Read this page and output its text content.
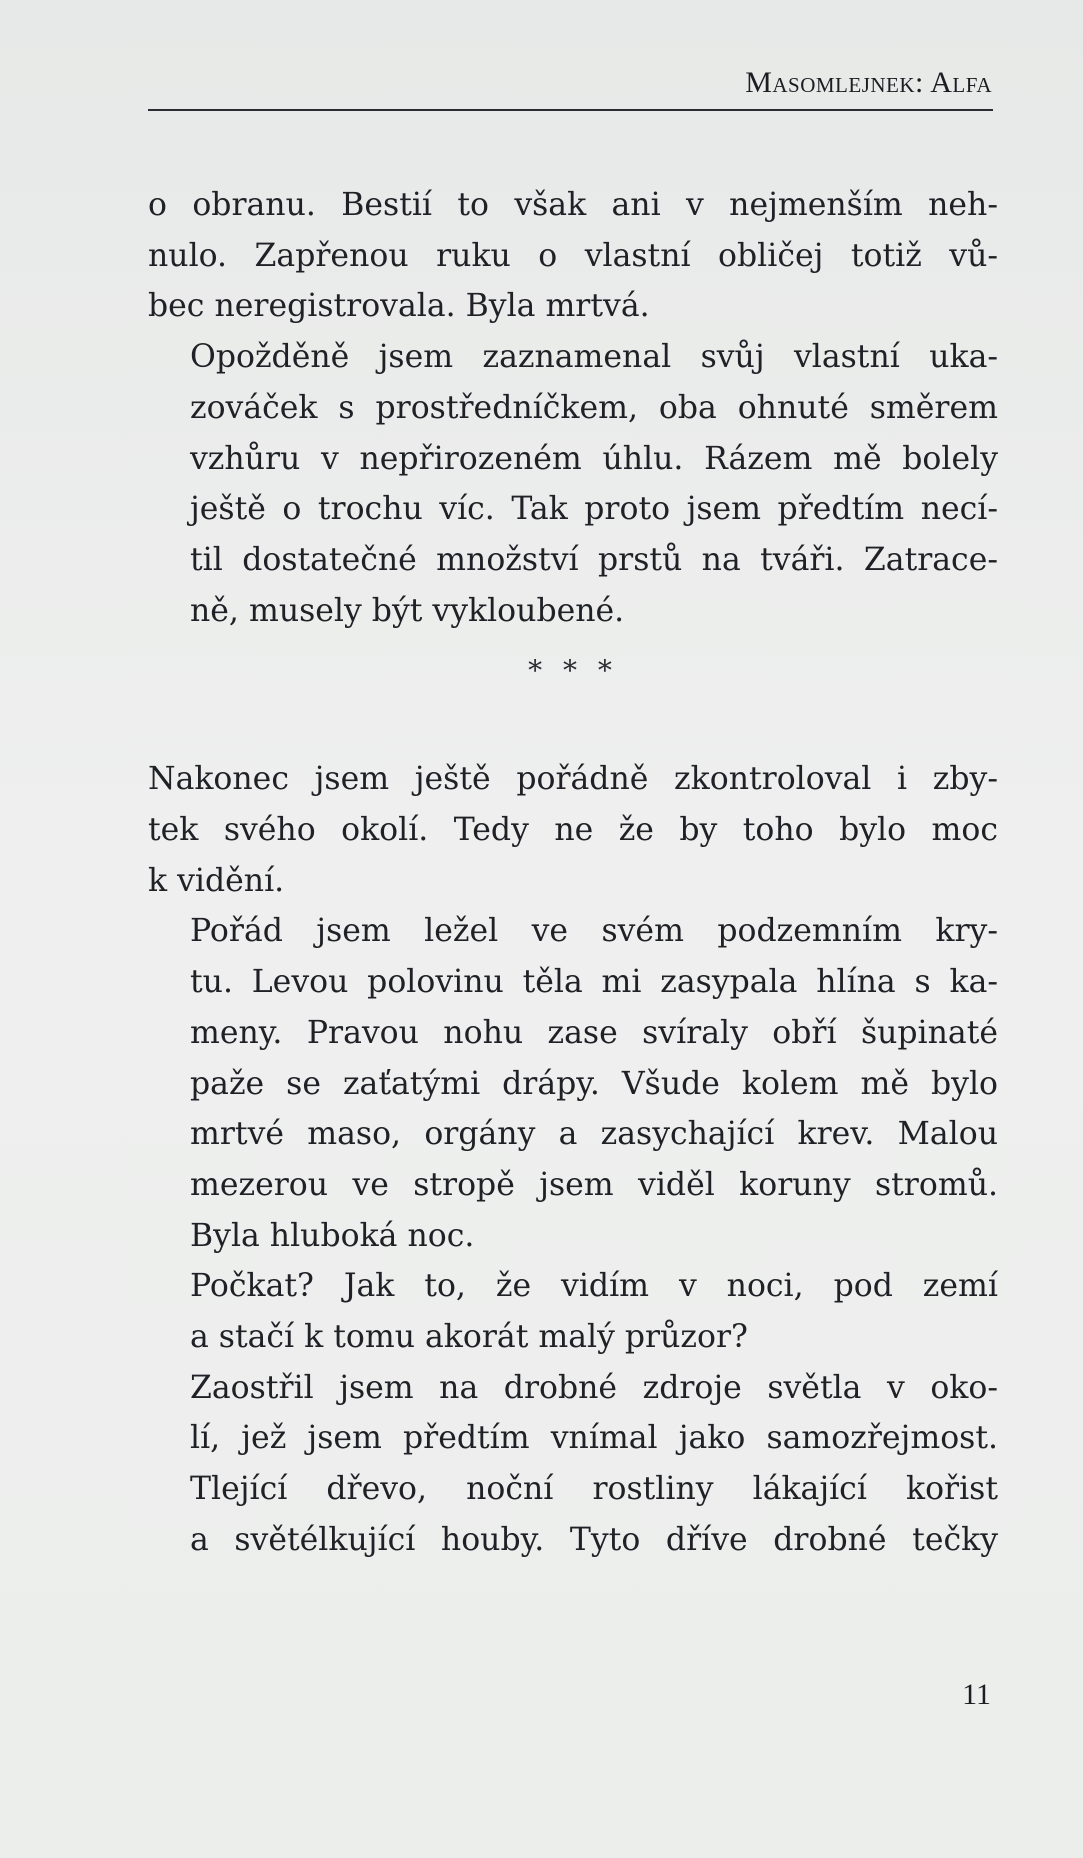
Masomlejnek: Alfa

o obranu. Bestií to však ani v nejmenším neh-
nulo. Zapřenou ruku o vlastní obličej totiž vů-
bec neregistrovala. Byla mrtvá.

Opožděně jsem zaznamenal svůj vlastní uka-
zováček s prostředníčkem, oba ohnuté směrem
vzhůru v nepřirozeném úhlu. Rázem mě bolely
ještě o trochu víc. Tak proto jsem předtím necí-
til dostatečné množství prstů na tváři. Zatrace-
ně, musely být vykloubené.

* * *

Nakonec jsem ještě pořádně zkontroloval i zby-
tek svého okolí. Tedy ne že by toho bylo moc
k vidění.

Pořád jsem ležel ve svém podzemním kry-
tu. Levou polovinu těla mi zasypala hlína s ka-
meny. Pravou nohu zase svíraly obří šupinaté
paže se zaťatými drápy. Všude kolem mě bylo
mrtvé maso, orgány a zasychající krev. Malou
mezerou ve stropě jsem viděl koruny stromů.
Byla hluboká noc.

Počkat? Jak to, že vidím v noci, pod zemí
a stačí k tomu akorát malý průzor?

Zaostřil jsem na drobné zdroje světla v oko-
lí, jež jsem předtím vnímal jako samozřejmost.
Tlející dřevo, noční rostliny lákající kořist
a světélkující houby. Tyto dříve drobné tečky

11
